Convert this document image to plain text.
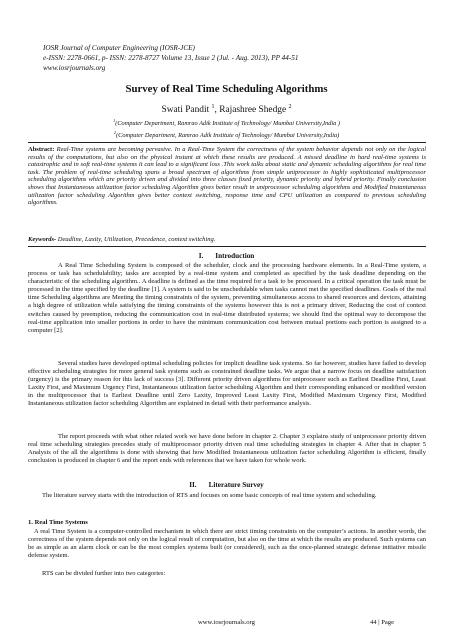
IOSR Journal of Computer Engineering (IOSR-JCE)
e-ISSN: 2278-0661, p- ISSN: 2278-8727 Volume 13, Issue 2 (Jul. - Aug. 2013), PP 44-51
www.iosrjournals.org
Survey of Real Time Scheduling Algorithms
Swati Pandit $^1$, Rajashree Shedge $^2$
$^1$(Computer Department, Ramrao Adik Institute of Technology/ Mumbai University,India )
$^2$(Computer Department, Ramrao Adik Institute of Technology/ Mumbai University,India)
Abstract: Real-Time systems are becoming pervasive. In a Real-Time System the correctness of the system behavior depends not only on the logical results of the computations, but also on the physical instant at which these results are produced. A missed deadline in hard real-time systems is catastrophic and in soft real-time systems it can lead to a significant loss .This work talks about static and dynamic scheduling algorithms for real time task. The problem of real-time scheduling spans a broad spectrum of algorithms from simple uniprocessor to highly sophisticated multiprocessor scheduling algorithms which are priority driven and divided into three classes fixed priority, dynamic priority and hybrid priority. Finally conclusion shows that Instantaneous utilization factor scheduling Algorithm gives better result in uniprocessor scheduling algorithms and Modified Instantaneous utilization factor scheduling Algorithm gives better context switching, response time and CPU utilization as compared to previous scheduling algorithms.
Keywords- Deadline, Laxity, Utilization, Precedence, context switching.
I. Introduction
A Real Time Scheduling System is composed of the scheduler, clock and the processing hardware elements. In a Real-Time system, a process or task has schedulability; tasks are accepted by a real-time system and completed as specified by the task deadline depending on the characteristic of the scheduling algorithm.. A deadline is defined as the time required for a task to be processed. In a critical operation the task must be processed in the time specified by the deadline [1]. A system is said to be unschedulable when tasks cannot met the specified deadlines. Goals of the real time Scheduling algorithms are Meeting the timing constraints of the system, preventing simultaneous access to shared resources and devices, attaining a high degree of utilization while satisfying the timing constraints of the systems however this is not a primary driver, Reducing the cost of context switches caused by preemption, reducing the communication cost in real-time distributed systems; we should find the optimal way to decompose the real-time application into smaller portions in order to have the minimum communication cost between mutual portions each portion is assigned to a computer [2].
Several studies have developed optimal scheduling policies for implicit deadline task systems. So far however, studies have failed to develop effective scheduling strategies for more general task systems such as constrained deadline tasks. We argue that a narrow focus on deadline satisfaction (urgency) is the primary reason for this lack of success [3]. Different priority driven algorithms for uniprocessor such as Earliest Deadline First, Least Laxity First, and Maximum Urgency First, Instantaneous utilization factor scheduling Algorithm and their corresponding enhanced or modified version in the multiprocessor that is Earliest Deadline until Zero Laxity, Improved Least Laxity First, Modified Maximum Urgency First, Modified Instantaneous utilization factor scheduling Algorithm are explained in detail with their performance analysis.
The report proceeds with what other related work we have done before in chapter 2. Chapter 3 explains study of uniprocessor priority driven real time scheduling strategies precedes study of multiprocessor priority driven real time scheduling strategies in chapter 4. After that in chapter 5 Analysis of the all the algorithms is done with showing that how Modified Instantaneous utilization factor scheduling Algorithm is efficient, finally conclusion is produced in chapter 6 and the report ends with references that we have taken for whole work.
II. Literature Survey
The literature survey starts with the introduction of RTS and focuses on some basic concepts of real time system and scheduling.
1. Real Time Systems
A real Time System is a computer-controlled mechanism in which there are strict timing constraints on the computer’s actions. In another words, the correctness of the system depends not only on the logical result of computation, but also on the time at which the results are produced. Such systems can be as simple as an alarm clock or can be the most complex systems built (or considered), such as the once-planned strategic defense initiative missile defense system.
RTS can be divided further into two categories:
www.iosrjournals.org	44 | Page
